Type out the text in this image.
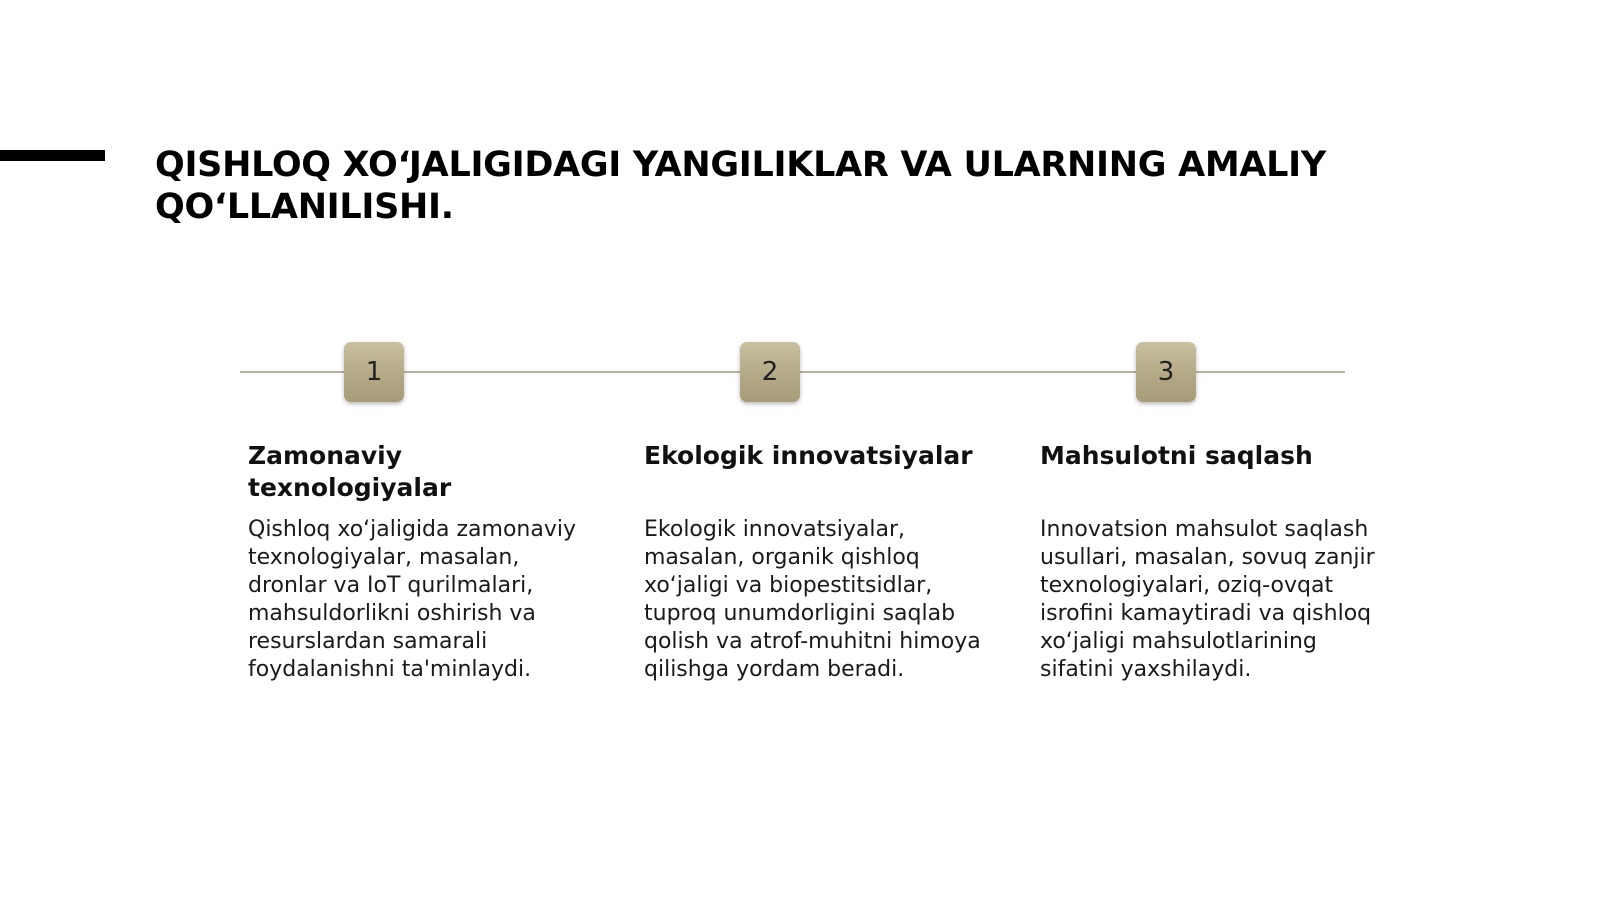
QISHLOQ XO‘JALIGIDAGI YANGILIKLAR VA ULARNING AMALIY QO‘LLANILISHI.
1	2	3
Zamonaviy texnologiyalar

Qishloq xo‘jaligida zamonaviy texnologiyalar, masalan, dronlar va IoT qurilmalari, mahsuldorlikni oshirish va resurslardan samarali foydalanishni ta'minlaydi.

Ekologik innovatsiyalar

Ekologik innovatsiyalar, masalan, organik qishloq xo‘jaligi va biopestitsidlar, tuproq unumdorligini saqlab qolish va atrof-muhitni himoya qilishga yordam beradi.

Mahsulotni saqlash

Innovatsion mahsulot saqlash usullari, masalan, sovuq zanjir texnologiyalari, oziq-ovqat isrofini kamaytiradi va qishloq xo‘jaligi mahsulotlarining sifatini yaxshilaydi.
